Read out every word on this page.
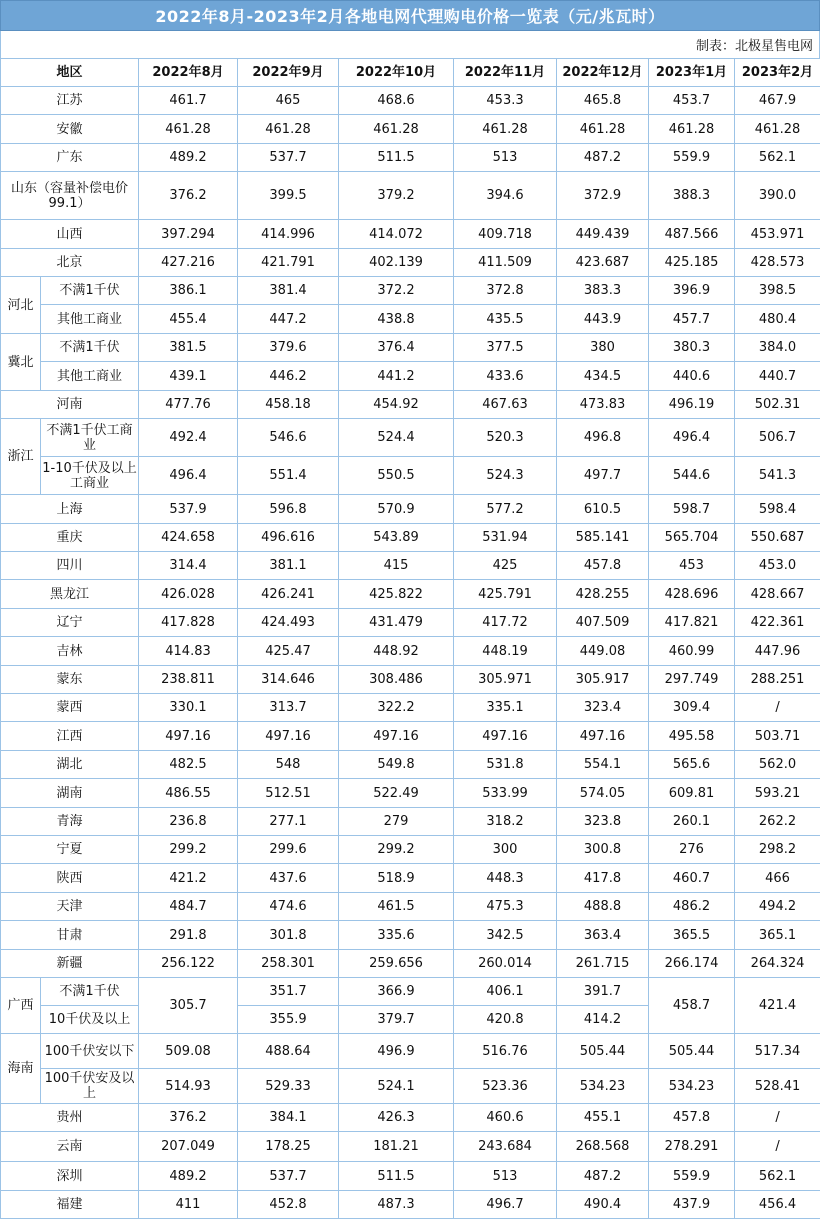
2022年8月-2023年2月各地电网代理购电价格一览表（元/兆瓦时）
制表：北极星售电网
地区		2022年8月	2022年9月	2022年10月	2022年11月	2022年12月	2023年1月	2023年2月
江苏		461.7	465	468.6	453.3	465.8	453.7	467.9
安徽		461.28	461.28	461.28	461.28	461.28	461.28	461.28
广东		489.2	537.7	511.5	513	487.2	559.9	562.1
山东（容量补偿电价99.1）		376.2	399.5	379.2	394.6	372.9	388.3	390.0
山西		397.294	414.996	414.072	409.718	449.439	487.566	453.971
北京		427.216	421.791	402.139	411.509	423.687	425.185	428.573
河北	不满1千伏	386.1	381.4	372.2	372.8	383.3	396.9	398.5
	其他工商业	455.4	447.2	438.8	435.5	443.9	457.7	480.4
冀北	不满1千伏	381.5	379.6	376.4	377.5	380	380.3	384.0
	其他工商业	439.1	446.2	441.2	433.6	434.5	440.6	440.7
河南		477.76	458.18	454.92	467.63	473.83	496.19	502.31
浙江	不满1千伏工商业	492.4	546.6	524.4	520.3	496.8	496.4	506.7
	1-10千伏及以上工商业	496.4	551.4	550.5	524.3	497.7	544.6	541.3
上海		537.9	596.8	570.9	577.2	610.5	598.7	598.4
重庆		424.658	496.616	543.89	531.94	585.141	565.704	550.687
四川		314.4	381.1	415	425	457.8	453	453.0
黑龙江		426.028	426.241	425.822	425.791	428.255	428.696	428.667
辽宁		417.828	424.493	431.479	417.72	407.509	417.821	422.361
吉林		414.83	425.47	448.92	448.19	449.08	460.99	447.96
蒙东		238.811	314.646	308.486	305.971	305.917	297.749	288.251
蒙西		330.1	313.7	322.2	335.1	323.4	309.4	/
江西		497.16	497.16	497.16	497.16	497.16	495.58	503.71
湖北		482.5	548	549.8	531.8	554.1	565.6	562.0
湖南		486.55	512.51	522.49	533.99	574.05	609.81	593.21
青海		236.8	277.1	279	318.2	323.8	260.1	262.2
宁夏		299.2	299.6	299.2	300	300.8	276	298.2
陕西		421.2	437.6	518.9	448.3	417.8	460.7	466
天津		484.7	474.6	461.5	475.3	488.8	486.2	494.2
甘肃		291.8	301.8	335.6	342.5	363.4	365.5	365.1
新疆		256.122	258.301	259.656	260.014	261.715	266.174	264.324
广西	不满1千伏	305.7	351.7	366.9	406.1	391.7	458.7	421.4
	10千伏及以上		355.9	379.7	420.8	414.2		
海南	100千伏安以下	509.08	488.64	496.9	516.76	505.44	505.44	517.34
	100千伏安及以上	514.93	529.33	524.1	523.36	534.23	534.23	528.41
贵州		376.2	384.1	426.3	460.6	455.1	457.8	/
云南		207.049	178.25	181.21	243.684	268.568	278.291	/
深圳		489.2	537.7	511.5	513	487.2	559.9	562.1
福建		411	452.8	487.3	496.7	490.4	437.9	456.4
